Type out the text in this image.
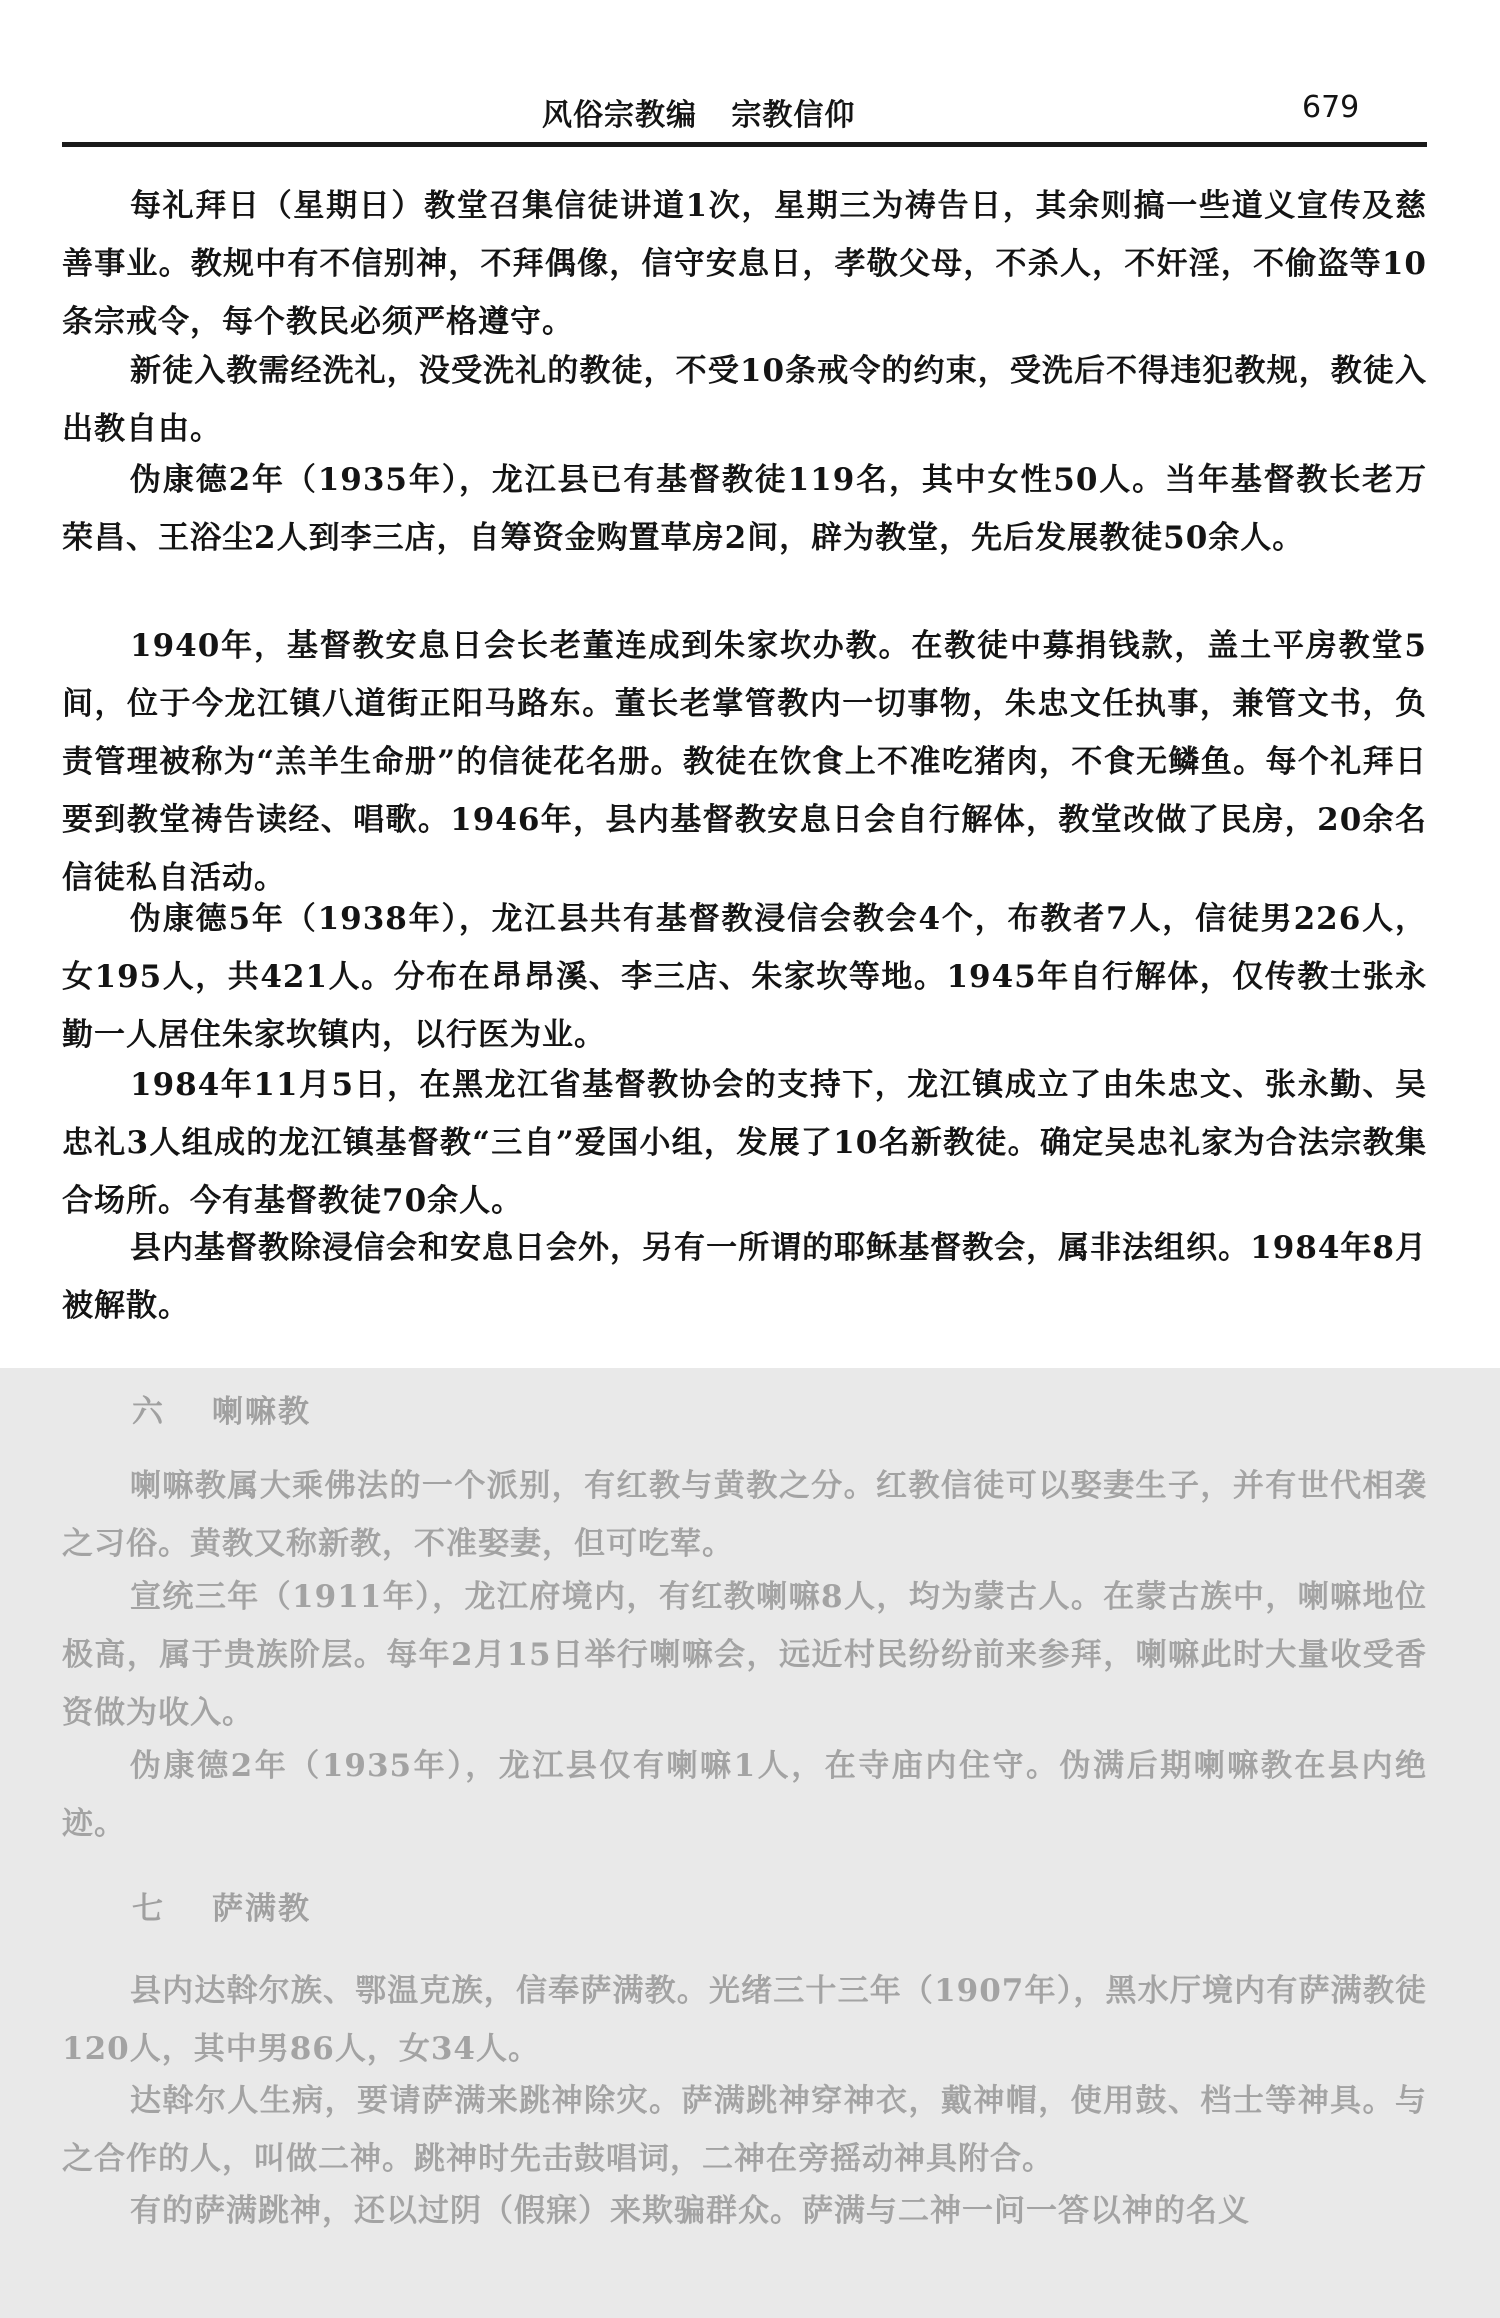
风俗宗教编   宗教信仰	679

每礼拜日（星期日）教堂召集信徒讲道1次，星期三为祷告日，其余则搞一些道义宣传及慈善事业。教规中有不信别神，不拜偶像，信守安息日，孝敬父母，不杀人，不奸淫，不偷盗等10条宗戒令，每个教民必须严格遵守。

新徒入教需经洗礼，没受洗礼的教徒，不受10条戒令的约束，受洗后不得违犯教规，教徒入出教自由。

伪康德2年（1935年），龙江县已有基督教徒119名，其中女性50人。当年基督教长老万荣昌、王浴尘2人到李三店，自筹资金购置草房2间，辟为教堂，先后发展教徒50余人。

1940年，基督教安息日会长老董连成到朱家坎办教。在教徒中募捐钱款，盖土平房教堂5间，位于今龙江镇八道街正阳马路东。董长老掌管教内一切事物，朱忠文任执事，兼管文书，负责管理被称为“羔羊生命册”的信徒花名册。教徒在饮食上不准吃猪肉，不食无鳞鱼。每个礼拜日要到教堂祷告读经、唱歌。1946年，县内基督教安息日会自行解体，教堂改做了民房，20余名信徒私自活动。

伪康德5年（1938年），龙江县共有基督教浸信会教会4个，布教者7人，信徒男226人，女195人，共421人。分布在昂昂溪、李三店、朱家坎等地。1945年自行解体，仅传教士张永勤一人居住朱家坎镇内，以行医为业。

1984年11月5日，在黑龙江省基督教协会的支持下，龙江镇成立了由朱忠文、张永勤、吴忠礼3人组成的龙江镇基督教“三自”爱国小组，发展了10名新教徒。确定吴忠礼家为合法宗教集合场所。今有基督教徒70余人。

县内基督教除浸信会和安息日会外，另有一所谓的耶稣基督教会，属非法组织。1984年8月被解散。

六 喇嘛教

喇嘛教属大乘佛法的一个派别，有红教与黄教之分。红教信徒可以娶妻生子，并有世代相袭之习俗。黄教又称新教，不准娶妻，但可吃荤。

宣统三年（1911年），龙江府境内，有红教喇嘛8人，均为蒙古人。在蒙古族中，喇嘛地位极高，属于贵族阶层。每年2月15日举行喇嘛会，远近村民纷纷前来参拜，喇嘛此时大量收受香资做为收入。

伪康德2年（1935年），龙江县仅有喇嘛1人，在寺庙内住守。伪满后期喇嘛教在县内绝迹。

七 萨满教

县内达斡尔族、鄂温克族，信奉萨满教。光绪三十三年（1907年），黑水厅境内有萨满教徒120人，其中男86人，女34人。

达斡尔人生病，要请萨满来跳神除灾。萨满跳神穿神衣，戴神帽，使用鼓、档士等神具。与之合作的人，叫做二神。跳神时先击鼓唱词，二神在旁摇动神具附合。

有的萨满跳神，还以过阴（假寐）来欺骗群众。萨满与二神一问一答以神的名义
